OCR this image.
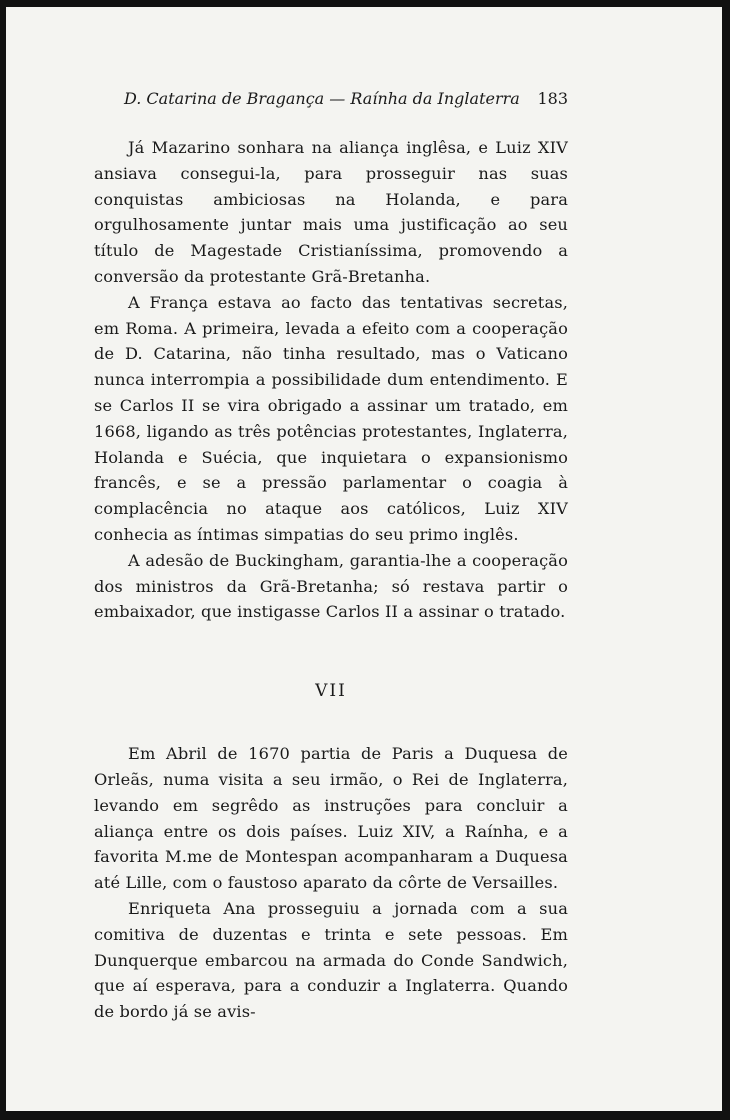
D. Catarina de Bragança — Raínha da Inglaterra 183

Já Mazarino sonhara na aliança inglêsa, e Luiz XIV ansiava consegui-la, para prosseguir nas suas conquistas ambiciosas na Holanda, e para orgulhosamente juntar mais uma justificação ao seu título de Magestade Cristianíssima, promovendo a conversão da protestante Grã-Bretanha.

A França estava ao facto das tentativas secretas, em Roma. A primeira, levada a efeito com a cooperação de D. Catarina, não tinha resultado, mas o Vaticano nunca interrompia a possibilidade dum entendimento. E se Carlos II se vira obrigado a assinar um tratado, em 1668, ligando as três potências protestantes, Inglaterra, Holanda e Suécia, que inquietara o expansionismo francês, e se a pressão parlamentar o coagia à complacência no ataque aos católicos, Luiz XIV conhecia as íntimas simpatias do seu primo inglês.

A adesão de Buckingham, garantia-lhe a cooperação dos ministros da Grã-Bretanha; só restava partir o embaixador, que instigasse Carlos II a assinar o tratado.

VII

Em Abril de 1670 partia de Paris a Duquesa de Orleãs, numa visita a seu irmão, o Rei de Inglaterra, levando em segrêdo as instruções para concluir a aliança entre os dois países. Luiz XIV, a Raínha, e a favorita M.me de Montespan acompanharam a Duquesa até Lille, com o faustoso aparato da côrte de Versailles.

Enriqueta Ana prosseguiu a jornada com a sua comitiva de duzentas e trinta e sete pessoas. Em Dunquerque embarcou na armada do Conde Sandwich, que aí esperava, para a conduzir a Inglaterra. Quando de bordo já se avis-
